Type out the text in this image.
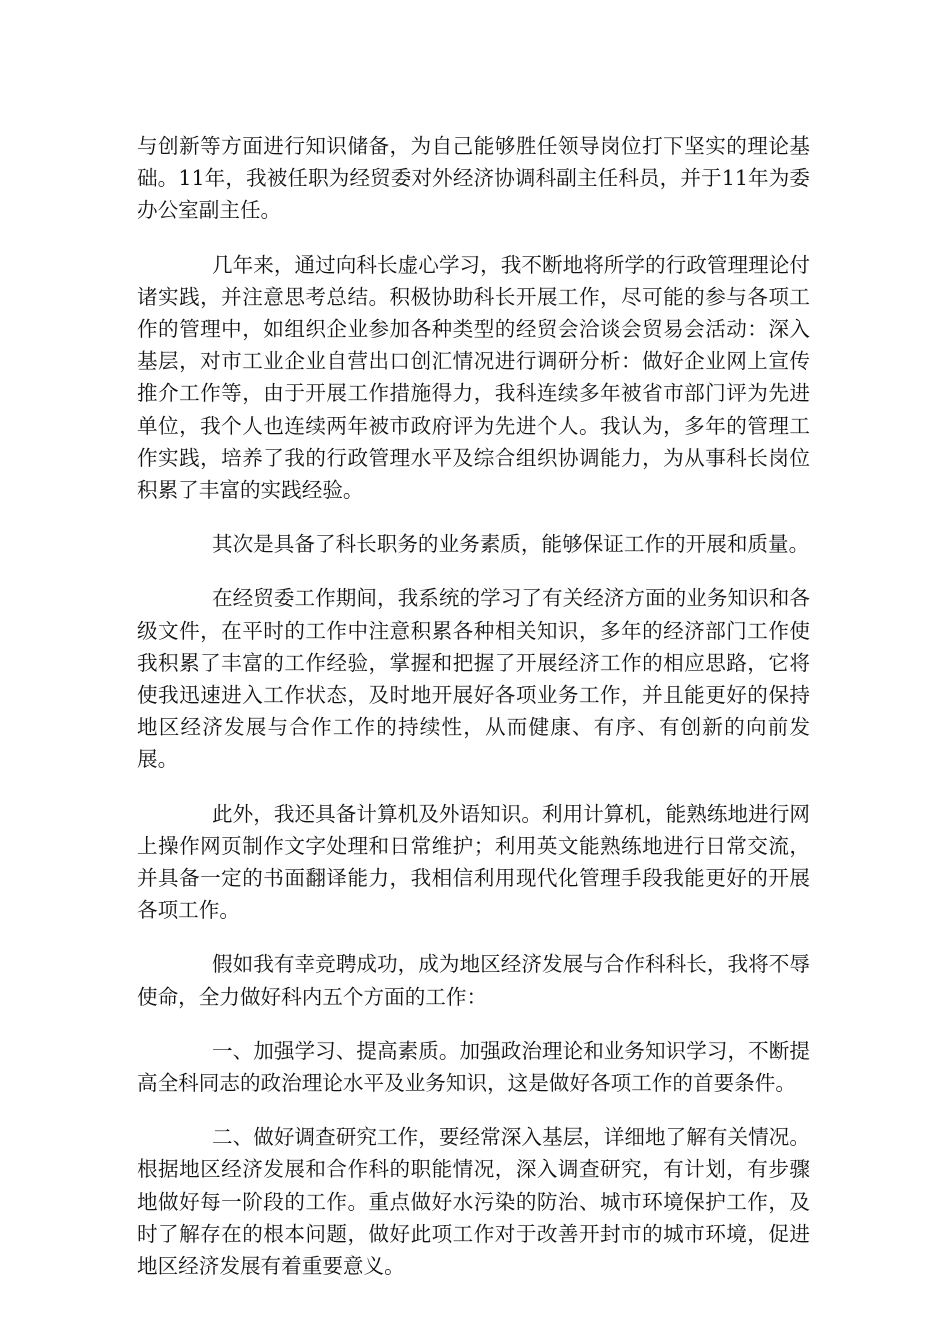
与创新等方面进行知识储备，为自己能够胜任领导岗位打下坚实的理论基础。11年，我被任职为经贸委对外经济协调科副主任科员，并于11年为委办公室副主任。

几年来，通过向科长虚心学习，我不断地将所学的行政管理理论付诸实践，并注意思考总结。积极协助科长开展工作，尽可能的参与各项工作的管理中，如组织企业参加各种类型的经贸会洽谈会贸易会活动：深入基层，对市工业企业自营出口创汇情况进行调研分析：做好企业网上宣传推介工作等，由于开展工作措施得力，我科连续多年被省市部门评为先进单位，我个人也连续两年被市政府评为先进个人。我认为，多年的管理工作实践，培养了我的行政管理水平及综合组织协调能力，为从事科长岗位积累了丰富的实践经验。

其次是具备了科长职务的业务素质，能够保证工作的开展和质量。

在经贸委工作期间，我系统的学习了有关经济方面的业务知识和各级文件，在平时的工作中注意积累各种相关知识，多年的经济部门工作使我积累了丰富的工作经验，掌握和把握了开展经济工作的相应思路，它将使我迅速进入工作状态，及时地开展好各项业务工作，并且能更好的保持地区经济发展与合作工作的持续性，从而健康、有序、有创新的向前发展。

此外，我还具备计算机及外语知识。利用计算机，能熟练地进行网上操作网页制作文字处理和日常维护；利用英文能熟练地进行日常交流，并具备一定的书面翻译能力，我相信利用现代化管理手段我能更好的开展各项工作。

假如我有幸竞聘成功，成为地区经济发展与合作科科长，我将不辱使命，全力做好科内五个方面的工作：

一、加强学习、提高素质。加强政治理论和业务知识学习，不断提高全科同志的政治理论水平及业务知识，这是做好各项工作的首要条件。

二、做好调查研究工作，要经常深入基层，详细地了解有关情况。根据地区经济发展和合作科的职能情况，深入调查研究，有计划，有步骤地做好每一阶段的工作。重点做好水污染的防治、城市环境保护工作，及时了解存在的根本问题，做好此项工作对于改善开封市的城市环境，促进地区经济发展有着重要意义。
